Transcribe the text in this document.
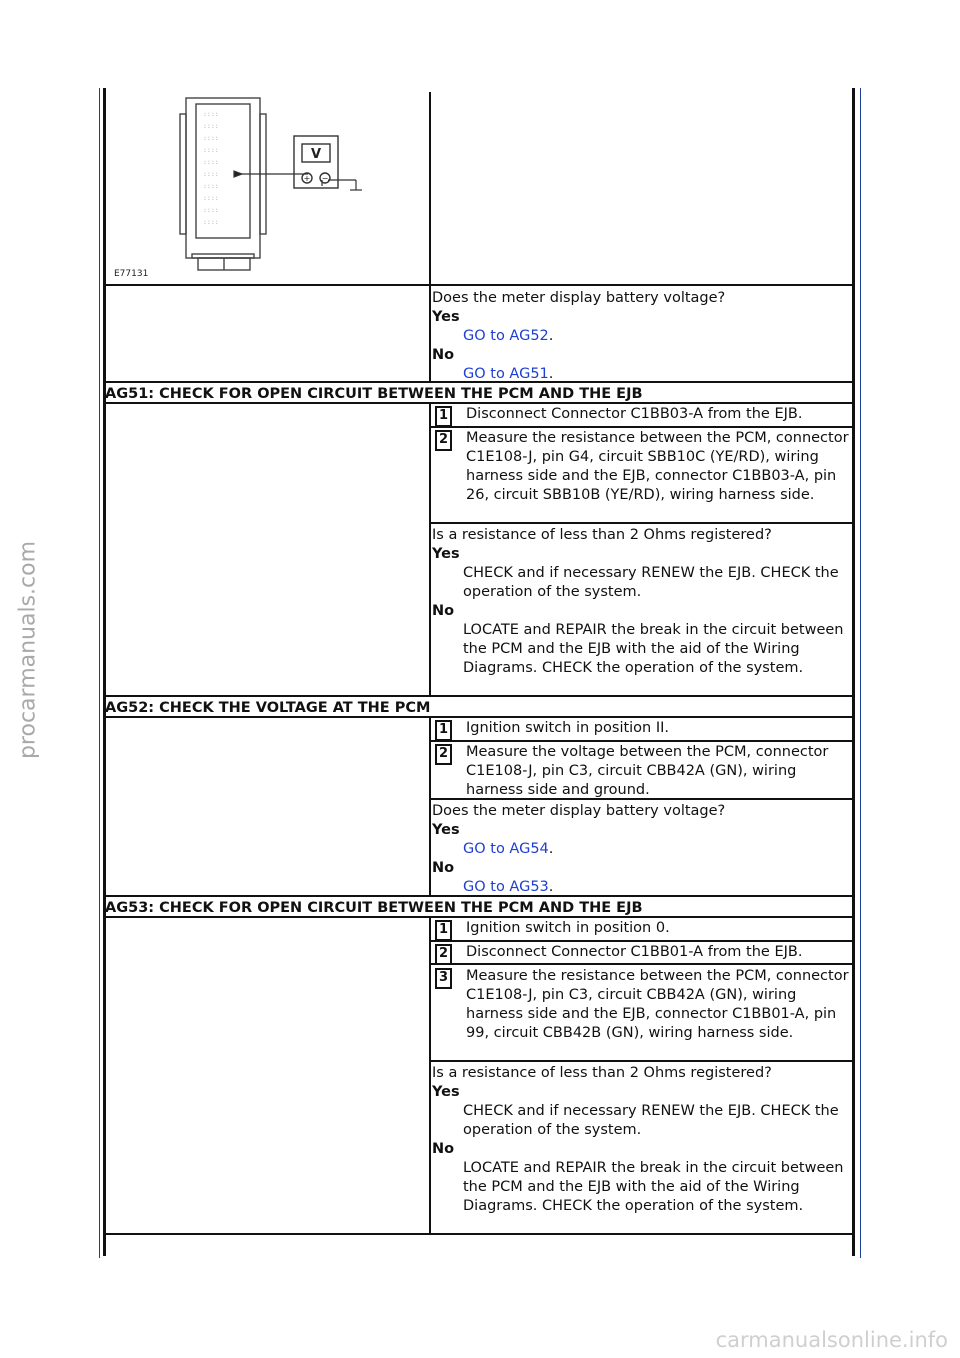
procarmanuals.com
: : : :
: : : :
: : : :
: : : :
: : : :
: : : :
: : : :
: : : :
: : : :
: : : :
V
+ −
E77131
Does the meter display battery voltage?
Yes
GO to AG52.
No
GO to AG51.
AG51: CHECK FOR OPEN CIRCUIT BETWEEN THE PCM AND THE EJB
1	Disconnect Connector C1BB03-A from the EJB.
2	Measure the resistance between the PCM, connector C1E108-J, pin G4, circuit SBB10C (YE/RD), wiring harness side and the EJB, connector C1BB03-A, pin 26, circuit SBB10B (YE/RD), wiring harness side.
Is a resistance of less than 2 Ohms registered?
Yes
CHECK and if necessary RENEW the EJB. CHECK the operation of the system.
No
LOCATE and REPAIR the break in the circuit between the PCM and the EJB with the aid of the Wiring Diagrams. CHECK the operation of the system.
AG52: CHECK THE VOLTAGE AT THE PCM
1	Ignition switch in position II.
2	Measure the voltage between the PCM, connector C1E108-J, pin C3, circuit CBB42A (GN), wiring harness side and ground.
Does the meter display battery voltage?
Yes
GO to AG54.
No
GO to AG53.
AG53: CHECK FOR OPEN CIRCUIT BETWEEN THE PCM AND THE EJB
1	Ignition switch in position 0.
2	Disconnect Connector C1BB01-A from the EJB.
3	Measure the resistance between the PCM, connector C1E108-J, pin C3, circuit CBB42A (GN), wiring harness side and the EJB, connector C1BB01-A, pin 99, circuit CBB42B (GN), wiring harness side.
Is a resistance of less than 2 Ohms registered?
Yes
CHECK and if necessary RENEW the EJB. CHECK the operation of the system.
No
LOCATE and REPAIR the break in the circuit between the PCM and the EJB with the aid of the Wiring Diagrams. CHECK the operation of the system.
carmanualsonline.info
